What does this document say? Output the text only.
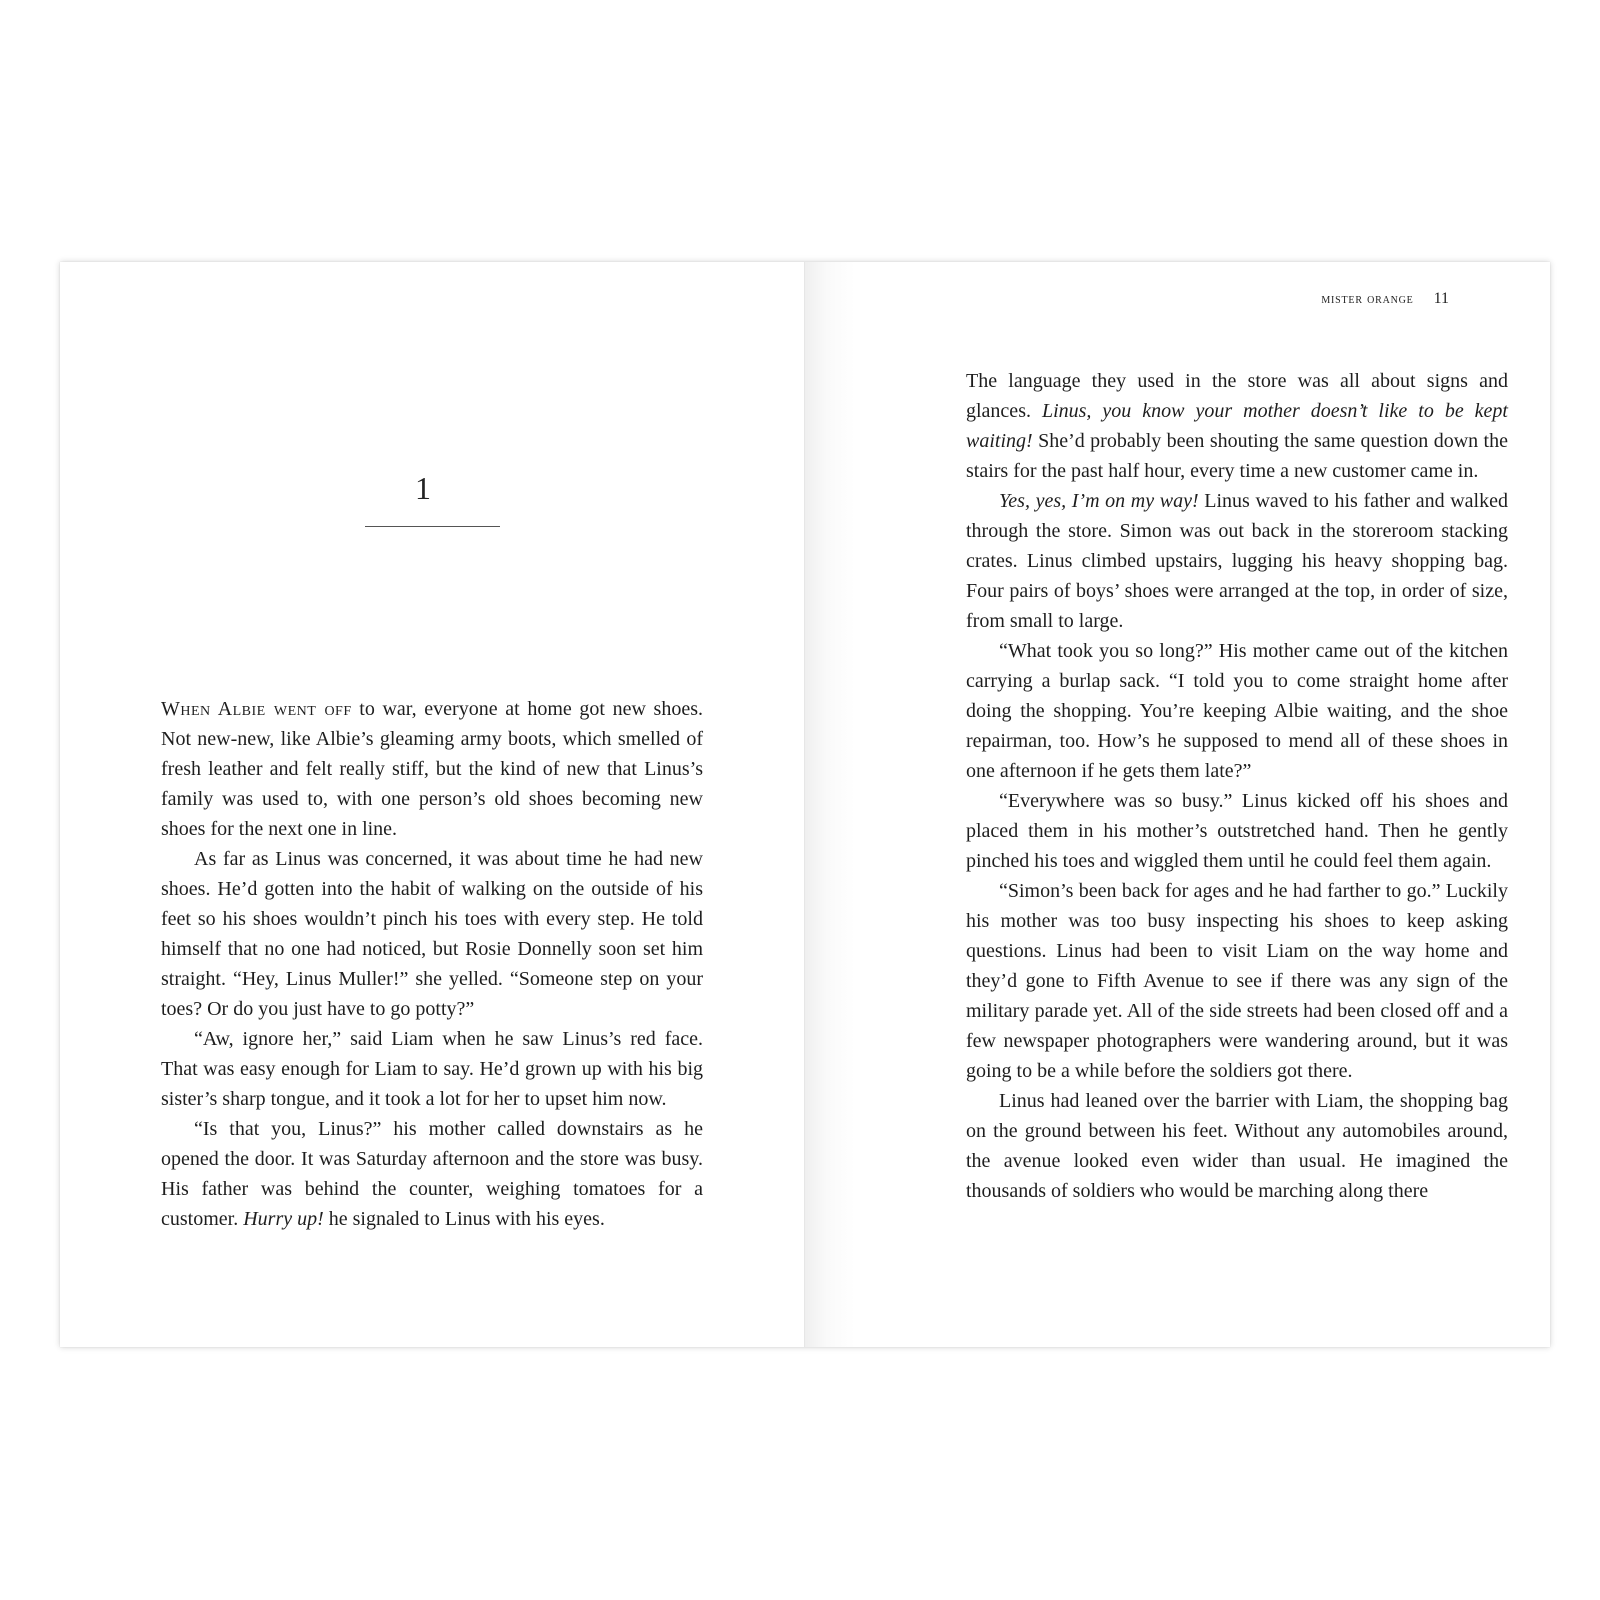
1

When Albie went off to war, everyone at home got new shoes. Not new-new, like Albie’s gleaming army boots, which smelled of fresh leather and felt really stiff, but the kind of new that Linus’s family was used to, with one person’s old shoes becoming new shoes for the next one in line.

As far as Linus was concerned, it was about time he had new shoes. He’d gotten into the habit of walking on the outside of his feet so his shoes wouldn’t pinch his toes with every step. He told himself that no one had noticed, but Rosie Donnelly soon set him straight. “Hey, Linus Muller!” she yelled. “Someone step on your toes? Or do you just have to go potty?”

“Aw, ignore her,” said Liam when he saw Linus’s red face. That was easy enough for Liam to say. He’d grown up with his big sister’s sharp tongue, and it took a lot for her to upset him now.

“Is that you, Linus?” his mother called downstairs as he opened the door. It was Saturday afternoon and the store was busy. His father was behind the counter, weighing tomatoes for a customer. Hurry up! he signaled to Linus with his eyes.

mister orange 11

The language they used in the store was all about signs and glances. Linus, you know your mother doesn’t like to be kept waiting! She’d probably been shouting the same question down the stairs for the past half hour, every time a new customer came in.

Yes, yes, I’m on my way! Linus waved to his father and walked through the store. Simon was out back in the storeroom stacking crates. Linus climbed upstairs, lugging his heavy shopping bag. Four pairs of boys’ shoes were arranged at the top, in order of size, from small to large.

“What took you so long?” His mother came out of the kitchen carrying a burlap sack. “I told you to come straight home after doing the shopping. You’re keeping Albie waiting, and the shoe repairman, too. How’s he supposed to mend all of these shoes in one afternoon if he gets them late?”

“Everywhere was so busy.” Linus kicked off his shoes and placed them in his mother’s outstretched hand. Then he gently pinched his toes and wiggled them until he could feel them again.

“Simon’s been back for ages and he had farther to go.” Luckily his mother was too busy inspecting his shoes to keep asking questions. Linus had been to visit Liam on the way home and they’d gone to Fifth Avenue to see if there was any sign of the military parade yet. All of the side streets had been closed off and a few newspaper photographers were wandering around, but it was going to be a while before the soldiers got there.

Linus had leaned over the barrier with Liam, the shopping bag on the ground between his feet. Without any automobiles around, the avenue looked even wider than usual. He imagined the thousands of soldiers who would be marching along there
